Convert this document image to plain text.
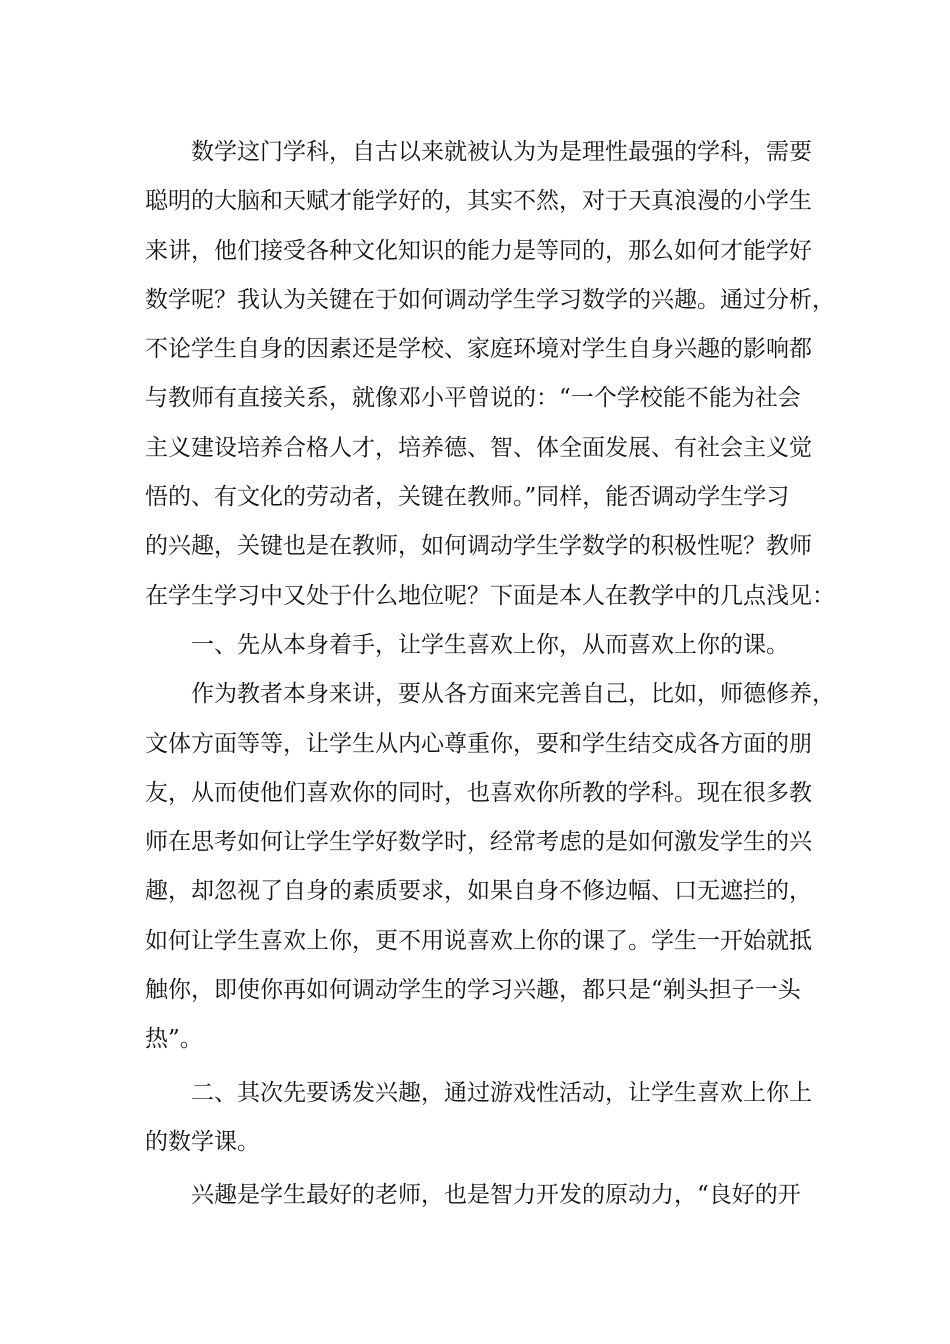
数学这门学科，自古以来就被认为为是理性最强的学科，需要
聪明的大脑和天赋才能学好的，其实不然，对于天真浪漫的小学生
来讲，他们接受各种文化知识的能力是等同的，那么如何才能学好
数学呢？我认为关键在于如何调动学生学习数学的兴趣。通过分析，
不论学生自身的因素还是学校、家庭环境对学生自身兴趣的影响都
与教师有直接关系，就像邓小平曾说的：“一个学校能不能为社会
主义建设培养合格人才，培养德、智、体全面发展、有社会主义觉
悟的、有文化的劳动者，关键在教师。”同样，能否调动学生学习
的兴趣，关键也是在教师，如何调动学生学数学的积极性呢？教师
在学生学习中又处于什么地位呢？下面是本人在教学中的几点浅见：
一、先从本身着手，让学生喜欢上你，从而喜欢上你的课。
作为教者本身来讲，要从各方面来完善自己，比如，师德修养，
文体方面等等，让学生从内心尊重你，要和学生结交成各方面的朋
友，从而使他们喜欢你的同时，也喜欢你所教的学科。现在很多教
师在思考如何让学生学好数学时，经常考虑的是如何激发学生的兴
趣，却忽视了自身的素质要求，如果自身不修边幅、口无遮拦的，
如何让学生喜欢上你，更不用说喜欢上你的课了。学生一开始就抵
触你，即使你再如何调动学生的学习兴趣，都只是“剃头担子一头
热”。
二、其次先要诱发兴趣，通过游戏性活动，让学生喜欢上你上
的数学课。
兴趣是学生最好的老师，也是智力开发的原动力，“良好的开
